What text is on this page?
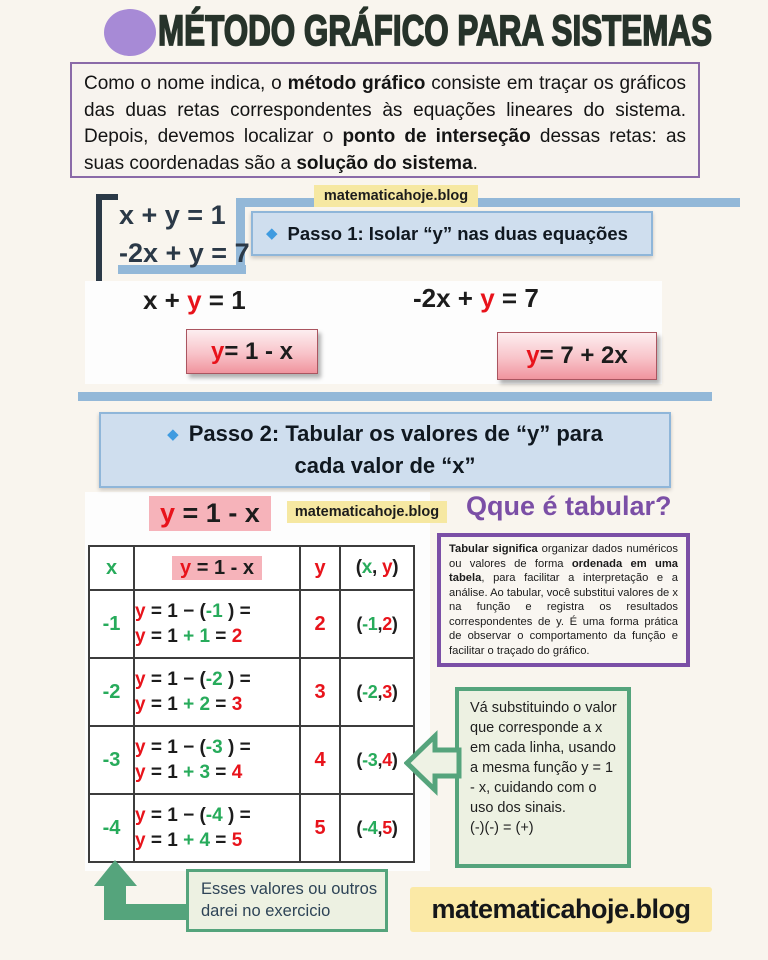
MÉTODO GRÁFICO PARA SISTEMAS
Como o nome indica, o método gráfico consiste em traçar os gráficos das duas retas correspondentes às equações lineares do sistema. Depois, devemos localizar o ponto de interseção dessas retas: as suas coordenadas são a solução do sistema.
x + y = 1
-2x + y = 7
matematicahoje.blog
◆ Passo 1: Isolar “y” nas duas equações
x + y = 1	-2x + y = 7
y = 1 - x	y = 7 + 2x
◆ Passo 2: Tabular os valores de “y” para
cada valor de “x”
y = 1 - x	matematicahoje.blog Qque é tabular?
Tabular significa organizar dados numéricos ou valores de forma ordenada em uma tabela, para facilitar a interpretação e a análise. Ao tabular, você substitui valores de x na função e registra os resultados correspondentes de y. É uma forma prática de observar o comportamento da função e facilitar o traçado do gráfico.
x	y = 1 - x	y	(x, y)
-1	y = 1 − (-1 ) =
y = 1 + 1 = 2	2	(-1,2)
-2	y = 1 − (-2 ) =
y = 1 + 2 = 3	3	(-2,3)
-3	y = 1 − (-3 ) =
y = 1 + 3 = 4	4	(-3,4)
-4	y = 1 − (-4 ) =
y = 1 + 4 = 5	5	(-4,5)

Vá substituindo o valor que corresponde a x em cada linha, usando a mesma função y = 1 - x, cuidando com o uso dos sinais.

(-)(-) = (+)

Esses valores ou outros darei no exercicio	matematicahoje.blog
